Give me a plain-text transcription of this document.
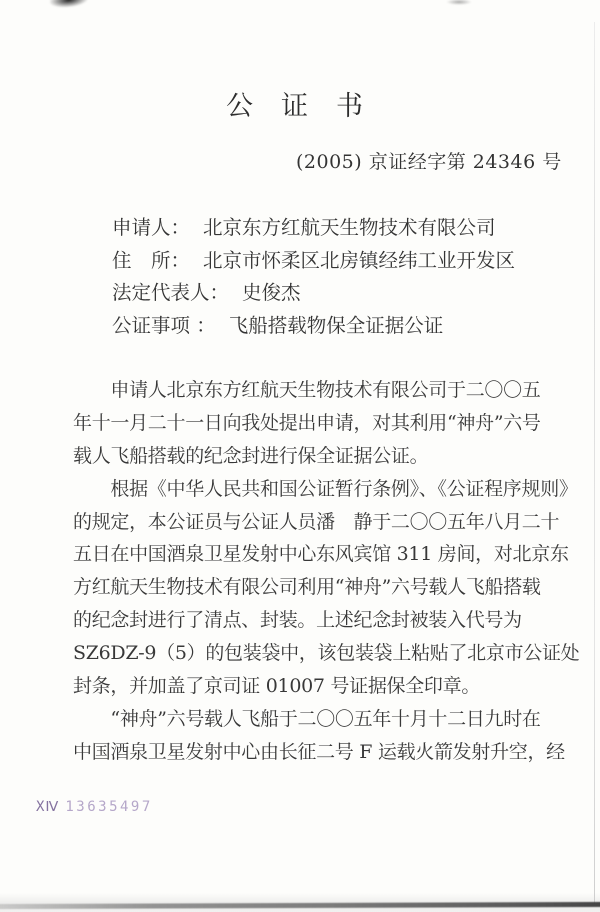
公证书
(2005) 京证经字第 24346 号
申请人： 北京东方红航天生物技术有限公司
住　所： 北京市怀柔区北房镇经纬工业开发区
法定代表人： 史俊杰
公证事项 ： 飞船搭载物保全证据公证
　　申请人北京东方红航天生物技术有限公司于二〇〇五
年十一月二十一日向我处提出申请，对其利用“神舟”六号
载人飞船搭载的纪念封进行保全证据公证。
　　根据《中华人民共和国公证暂行条例》、《公证程序规则》
的规定，本公证员与公证人员潘　静于二〇〇五年八月二十
五日在中国酒泉卫星发射中心东风宾馆 311 房间，对北京东
方红航天生物技术有限公司利用“神舟”六号载人飞船搭载
的纪念封进行了清点、封装。上述纪念封被装入代号为
SZ6DZ-9（5）的包装袋中，该包装袋上粘贴了北京市公证处
封条，并加盖了京司证 01007 号证据保全印章。
　　“神舟”六号载人飞船于二〇〇五年十月十二日九时在
中国酒泉卫星发射中心由长征二号 F 运载火箭发射升空，经
XⅣ 13635497
